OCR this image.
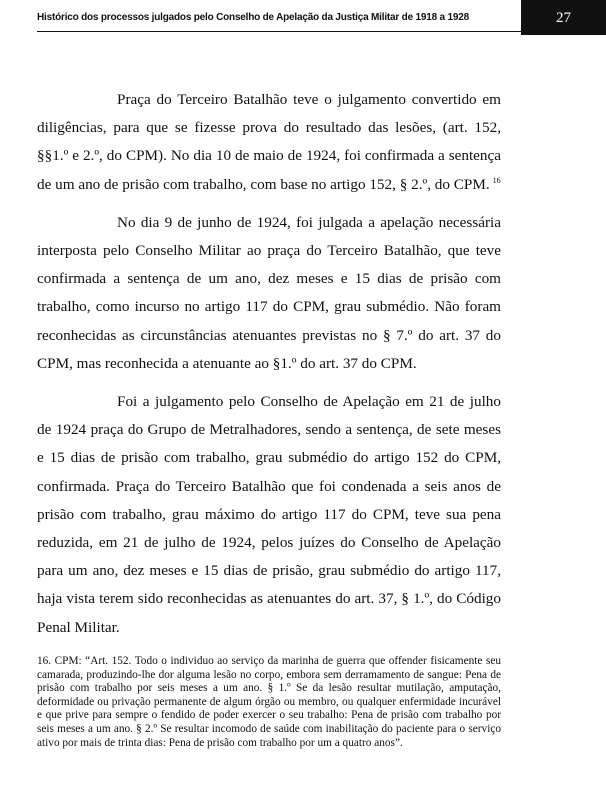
Histórico dos processos julgados pelo Conselho de Apelação da Justiça Militar de 1918 a 1928	27

Praça do Terceiro Batalhão teve o julgamento convertido em diligências, para que se fizesse prova do resultado das lesões, (art. 152, §§1.º e 2.º, do CPM). No dia 10 de maio de 1924, foi confirmada a sentença de um ano de prisão com trabalho, com base no artigo 152, § 2.º, do CPM. $^{16}$

No dia 9 de junho de 1924, foi julgada a apelação necessária interposta pelo Conselho Militar ao praça do Terceiro Batalhão, que teve confirmada a sentença de um ano, dez meses e 15 dias de prisão com trabalho, como incurso no artigo 117 do CPM, grau submédio. Não foram reconhecidas as circunstâncias atenuantes previstas no § 7.º do art. 37 do CPM, mas reconhecida a atenuante ao §1.º do art. 37 do CPM.

Foi a julgamento pelo Conselho de Apelação em 21 de julho de 1924 praça do Grupo de Metralhadores, sendo a sentença, de sete meses e 15 dias de prisão com trabalho, grau submédio do artigo 152 do CPM, confirmada. Praça do Terceiro Batalhão que foi condenada a seis anos de prisão com trabalho, grau máximo do artigo 117 do CPM, teve sua pena reduzida, em 21 de julho de 1924, pelos juízes do Conselho de Apelação para um ano, dez meses e 15 dias de prisão, grau submédio do artigo 117, haja vista terem sido reconhecidas as atenuantes do art. 37, § 1.º, do Código Penal Militar.

16. CPM: “Art. 152. Todo o individuo ao serviço da marinha de guerra que offender fisicamente seu camarada, produzindo-lhe dor alguma lesão no corpo, embora sem derramamento de sangue: Pena de prisão com trabalho por seis meses a um ano. § 1.º Se da lesão resultar mutilação, amputação, deformidade ou privação permanente de algum órgão ou membro, ou qualquer enfermidade incurável e que prive para sempre o fendido de poder exercer o seu trabalho: Pena de prisão com trabalho por seis meses a um ano. § 2.º Se resultar incomodo de saúde com inabilitação do paciente para o serviço ativo por mais de trinta dias: Pena de prisão com trabalho por um a quatro anos”.
